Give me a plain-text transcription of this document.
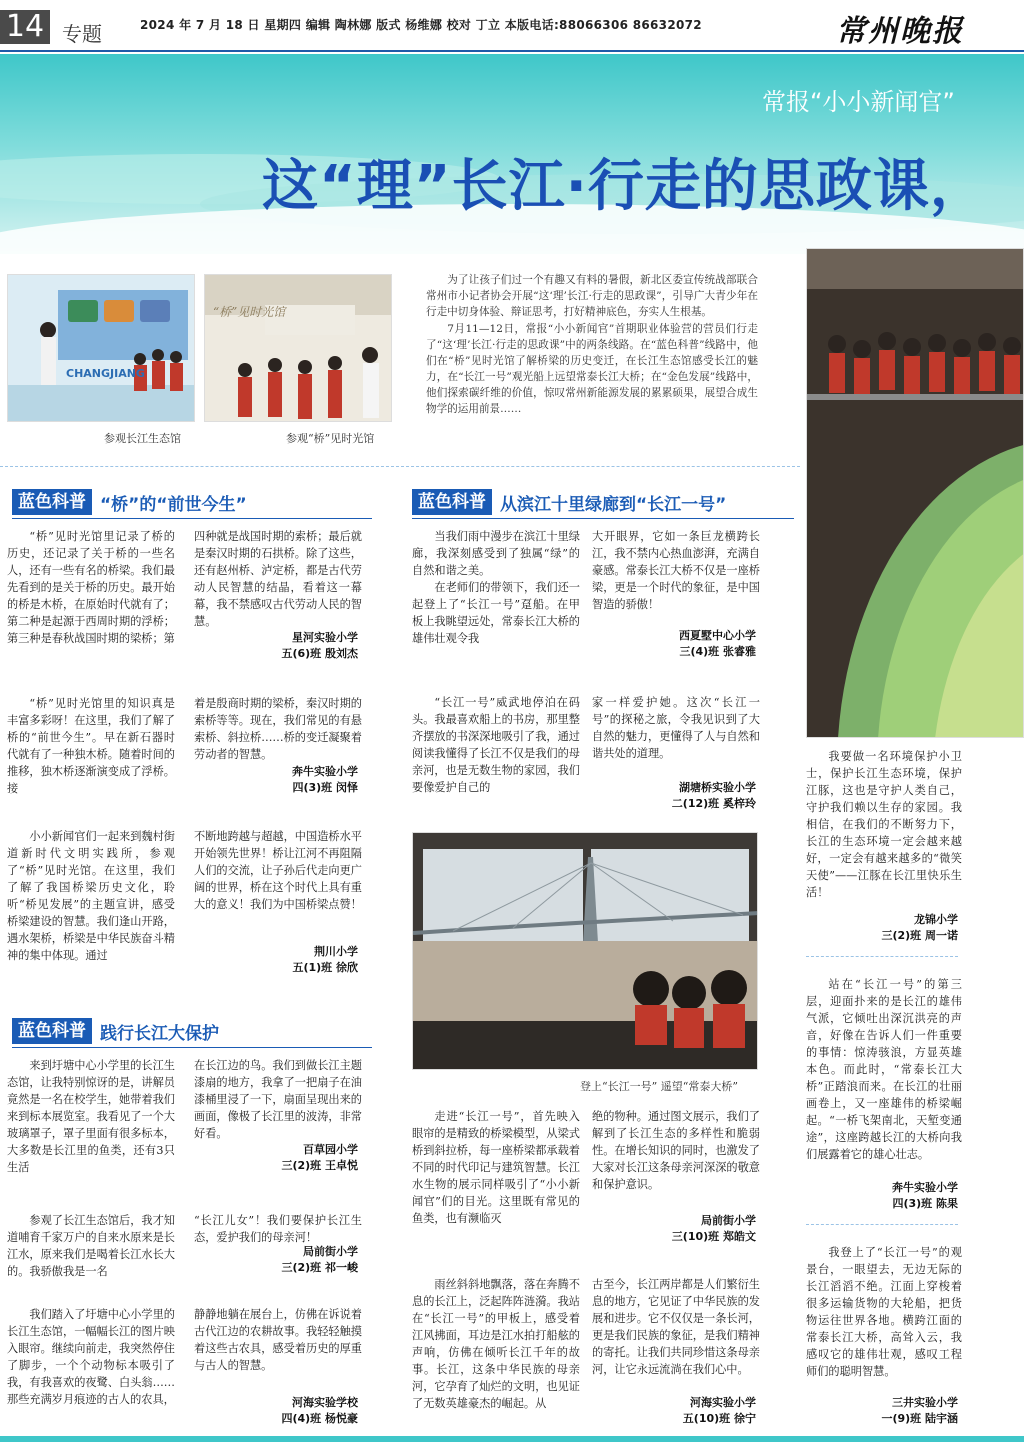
14 专题	2024 年 7 月 18 日 星期四 编辑 陶林娜 版式 杨维娜 校对 丁立 本版电话:88066306 86632072	常州晚报
常报“小小新闻官”
这“理”长江·行走的思政课，
CHANGJIANG
参观长江生态馆
“桥”见时光馆
参观“桥”见时光馆

为了让孩子们过一个有趣又有料的暑假，新北区委宣传统战部联合常州市小记者协会开展“这‘理’长江·行走的思政课”，引导广大青少年在行走中切身体验、辩证思考，打好精神底色，夯实人生根基。

7月11—12日，常报“小小新闻官”首期职业体验营的营员们行走了“这‘理’长江·行走的思政课”中的两条线路。在“蓝色科普”线路中，他们在“桥”见时光馆了解桥梁的历史变迁，在长江生态馆感受长江的魅力，在“长江一号”观光船上远望常泰长江大桥；在“金色发展”线路中，他们探索碳纤维的价值，惊叹常州新能源发展的累累硕果，展望合成生物学的运用前景……

蓝色科普 “桥”的“前世今生”

“桥”见时光馆里记录了桥的历史，还记录了关于桥的一些名人，还有一些有名的桥梁。我们最先看到的是关于桥的历史。最开始的桥是木桥，在原始时代就有了；第二种是起源于西周时期的浮桥；第三种是春秋战国时期的梁桥；第

四种就是战国时期的索桥；最后就是秦汉时期的石拱桥。除了这些，还有赵州桥、泸定桥，都是古代劳动人民智慧的结晶，看着这一幕幕，我不禁感叹古代劳动人民的智慧。

星河实验小学
五(6)班 殷刘杰

“桥”见时光馆里的知识真是丰富多彩呀！在这里，我们了解了桥的“前世今生”。早在新石器时代就有了一种独木桥。随着时间的推移，独木桥逐渐演变成了浮桥。接

着是殷商时期的梁桥，秦汉时期的索桥等等。现在，我们常见的有悬索桥、斜拉桥……桥的变迁凝聚着劳动者的智慧。

奔牛实验小学
四(3)班 闵怿

小小新闻官们一起来到魏村街道新时代文明实践所，参观了“桥”见时光馆。在这里，我们了解了我国桥梁历史文化，聆听“桥见发展”的主题宣讲，感受桥梁建设的智慧。我们逢山开路，遇水架桥，桥梁是中华民族奋斗精神的集中体现。通过

不断地跨越与超越，中国造桥水平开始领先世界！桥让江河不再阻隔人们的交流，让子孙后代走向更广阔的世界，桥在这个时代上具有重大的意义！我们为中国桥梁点赞！

荆川小学
五(1)班 徐欣
蓝色科普 践行长江大保护

来到圩塘中心小学里的长江生态馆，让我特别惊讶的是，讲解员竟然是一名在校学生，她带着我们来到标本展览室。我看见了一个大玻璃罩子，罩子里面有很多标本，大多数是长江里的鱼类，还有3只生活

在长江边的鸟。我们到做长江主题漆扇的地方，我拿了一把扇子在油漆桶里浸了一下，扇面呈现出来的画面，像极了长江里的波涛，非常好看。

百草园小学
三(2)班 王卓悦

参观了长江生态馆后，我才知道哺育千家万户的自来水原来是长江水，原来我们是喝着长江水长大的。我骄傲我是一名

“长江儿女”！我们要保护长江生态，爱护我们的母亲河！

局前街小学
三(2)班 祁一峻

我们踏入了圩塘中心小学里的长江生态馆，一幅幅长江的图片映入眼帘。继续向前走，我突然停住了脚步，一个个动物标本吸引了我，有我喜欢的夜鹭、白头翁……那些充满岁月痕迹的古人的农具，

静静地躺在展台上，仿佛在诉说着古代江边的农耕故事。我轻轻触摸着这些古农具，感受着历史的厚重与古人的智慧。

河海实验学校
四(4)班 杨悦豪
蓝色科普 从滨江十里绿廊到“长江一号”

当我们雨中漫步在滨江十里绿廊，我深刻感受到了独属“绿”的自然和谐之美。

在老师们的带领下，我们还一起登上了“长江一号”趸船。在甲板上我眺望远处，常泰长江大桥的雄伟壮观令我

大开眼界，它如一条巨龙横跨长江，我不禁内心热血澎湃，充满自豪感。常泰长江大桥不仅是一座桥梁，更是一个时代的象征，是中国智造的骄傲！

西夏墅中心小学
三(4)班 张睿雅

“长江一号”威武地停泊在码头。我最喜欢船上的书房，那里整齐摆放的书深深地吸引了我，通过阅读我懂得了长江不仅是我们的母亲河，也是无数生物的家园，我们要像爱护自己的

家一样爱护她。这次“长江一号”的探秘之旅，令我见识到了大自然的魅力，更懂得了人与自然和谐共处的道理。

湖塘桥实验小学
二(12)班 奚梓玲
登上“长江一号” 遥望“常泰大桥”

走进“长江一号”，首先映入眼帘的是精致的桥梁模型，从梁式桥到斜拉桥，每一座桥梁都承载着不同的时代印记与建筑智慧。长江水生物的展示同样吸引了“小小新闻官”们的目光。这里既有常见的鱼类，也有濒临灭

绝的物种。通过图文展示，我们了解到了长江生态的多样性和脆弱性。在增长知识的同时，也激发了大家对长江这条母亲河深深的敬意和保护意识。

局前街小学
三(10)班 郑皓文

雨丝斜斜地飘落，落在奔腾不息的长江上，泛起阵阵涟漪。我站在“长江一号”的甲板上，感受着江风拂面，耳边是江水拍打船舷的声响，仿佛在倾听长江千年的故事。长江，这条中华民族的母亲河，它孕育了灿烂的文明，也见证了无数英雄豪杰的崛起。从

古至今，长江两岸都是人们繁衍生息的地方，它见证了中华民族的发展和进步。它不仅仅是一条长河，更是我们民族的象征，是我们精神的寄托。让我们共同珍惜这条母亲河，让它永远流淌在我们心中。

河海实验小学
五(10)班 徐宁

我要做一名环境保护小卫士，保护长江生态环境，保护江豚，这也是守护人类自己，守护我们赖以生存的家园。我相信，在我们的不断努力下，长江的生态环境一定会越来越好，一定会有越来越多的“微笑天使”——江豚在长江里快乐生活！

龙锦小学
三(2)班 周一诺

站在“长江一号”的第三层，迎面扑来的是长江的雄伟气派，它倾吐出深沉洪亮的声音，好像在告诉人们一件重要的事情：惊涛骇浪，方显英雄本色。而此时，“常泰长江大桥”正踏浪而来。在长江的壮丽画卷上，又一座雄伟的桥梁崛起。“一桥飞架南北，天堑变通途”，这座跨越长江的大桥向我们展露着它的雄心壮志。

奔牛实验小学
四(3)班 陈果

我登上了“长江一号”的观景台，一眼望去，无边无际的长江滔滔不绝。江面上穿梭着很多运输货物的大轮船，把货物运往世界各地。横跨江面的常泰长江大桥，高耸入云，我感叹它的雄伟壮观，感叹工程师们的聪明智慧。

三井实验小学
一(9)班 陆宇涵
